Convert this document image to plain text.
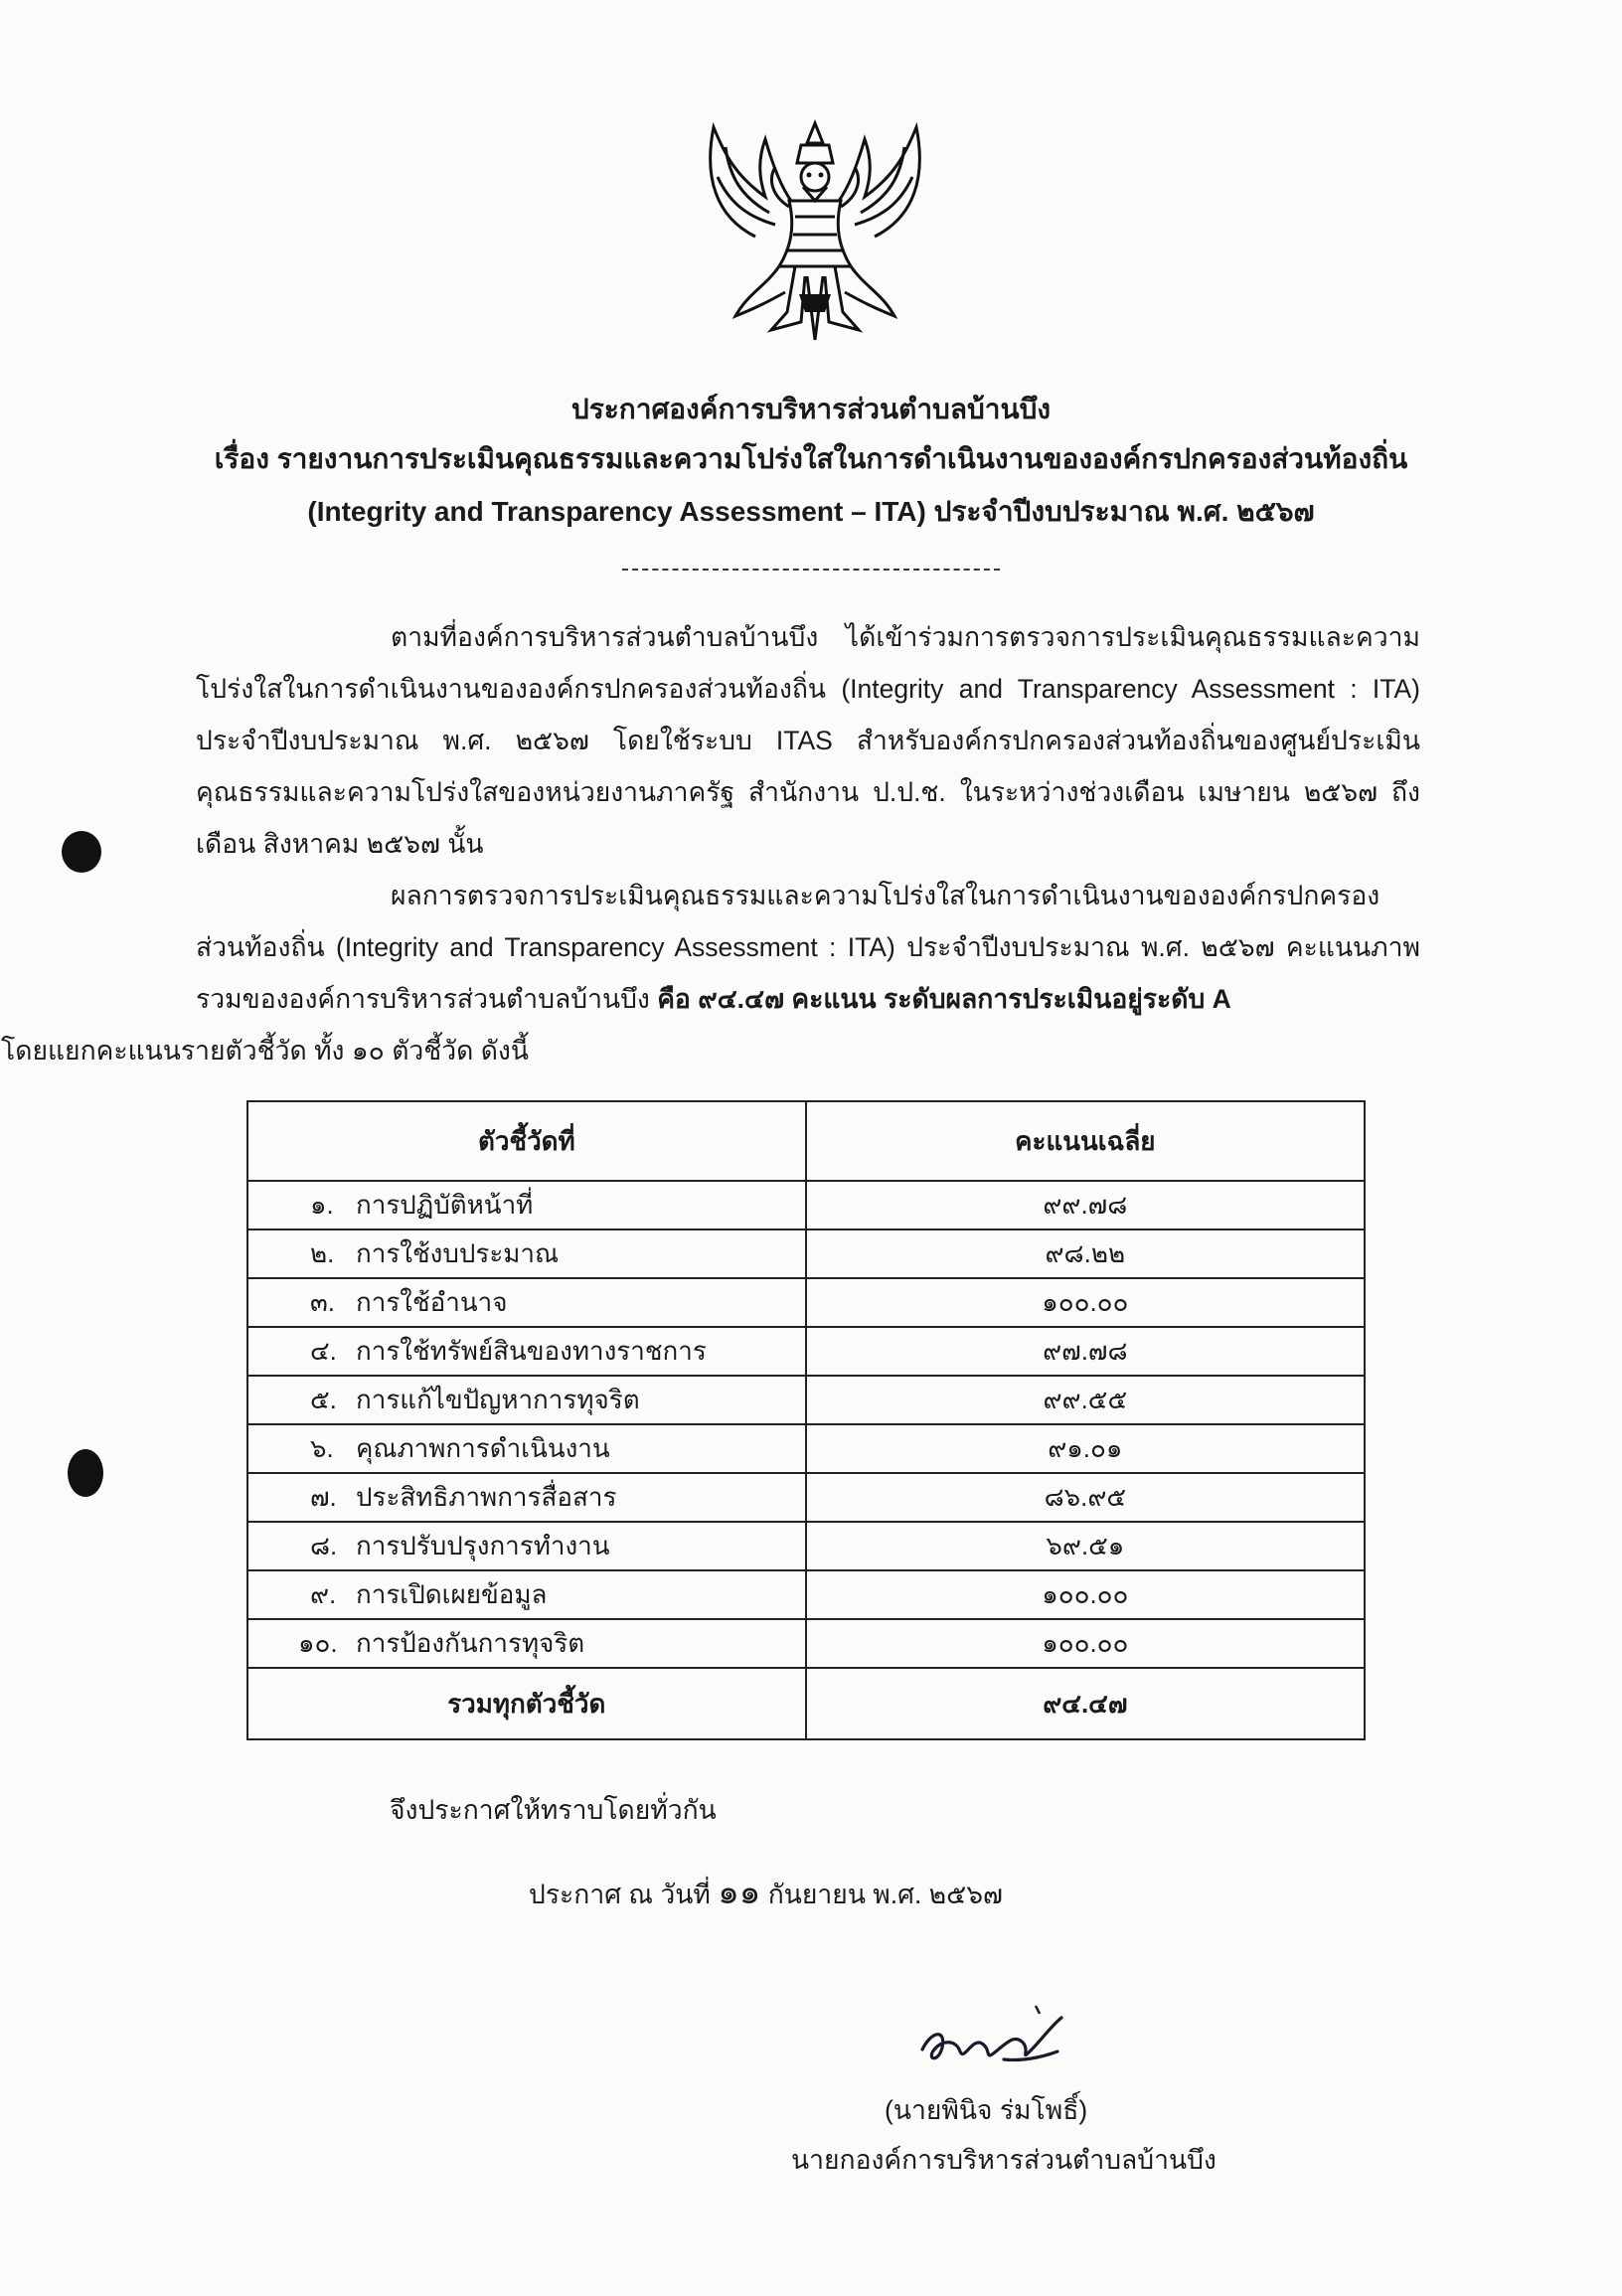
ประกาศองค์การบริหารส่วนตำบลบ้านบึง
เรื่อง รายงานการประเมินคุณธรรมและความโปร่งใสในการดำเนินงานขององค์กรปกครองส่วนท้องถิ่น
(Integrity and Transparency Assessment – ITA) ประจำปีงบประมาณ พ.ศ. ๒๕๖๗

ตามที่องค์การบริหารส่วนตำบลบ้านบึง ได้เข้าร่วมการตรวจการประเมินคุณธรรมและความโปร่งใสในการดำเนินงานขององค์กรปกครองส่วนท้องถิ่น (Integrity and Transparency Assessment : ITA) ประจำปีงบประมาณ พ.ศ. ๒๕๖๗ โดยใช้ระบบ ITAS สำหรับองค์กรปกครองส่วนท้องถิ่นของศูนย์ประเมินคุณธรรมและความโปร่งใสของหน่วยงานภาครัฐ สำนักงาน ป.ป.ช. ในระหว่างช่วงเดือน เมษายน ๒๕๖๗ ถึงเดือน สิงหาคม ๒๕๖๗ นั้น

ผลการตรวจการประเมินคุณธรรมและความโปร่งใสในการดำเนินงานขององค์กรปกครองส่วนท้องถิ่น (Integrity and Transparency Assessment : ITA) ประจำปีงบประมาณ พ.ศ. ๒๕๖๗ คะแนนภาพรวมขององค์การบริหารส่วนตำบลบ้านบึง คือ ๙๔.๔๗ คะแนน ระดับผลการประเมินอยู่ระดับ A
โดยแยกคะแนนรายตัวชี้วัด ทั้ง ๑๐ ตัวชี้วัด ดังนี้

ตัวชี้วัดที่	คะแนนเฉลี่ย
๑. การปฏิบัติหน้าที่	๙๙.๗๘
๒. การใช้งบประมาณ	๙๘.๒๒
๓. การใช้อำนาจ	๑๐๐.๐๐
๔. การใช้ทรัพย์สินของทางราชการ	๙๗.๗๘
๕. การแก้ไขปัญหาการทุจริต	๙๙.๕๕
๖. คุณภาพการดำเนินงาน	๙๑.๐๑
๗. ประสิทธิภาพการสื่อสาร	๘๖.๙๕
๘. การปรับปรุงการทำงาน	๖๙.๕๑
๙. การเปิดเผยข้อมูล	๑๐๐.๐๐
๑๐. การป้องกันการทุจริต	๑๐๐.๐๐
รวมทุกตัวชี้วัด	๙๔.๔๗
จึงประกาศให้ทราบโดยทั่วกัน
ประกาศ ณ วันที่ ๑๑ กันยายน พ.ศ. ๒๕๖๗
(นายพินิจ ร่มโพธิ์)
นายกองค์การบริหารส่วนตำบลบ้านบึง
